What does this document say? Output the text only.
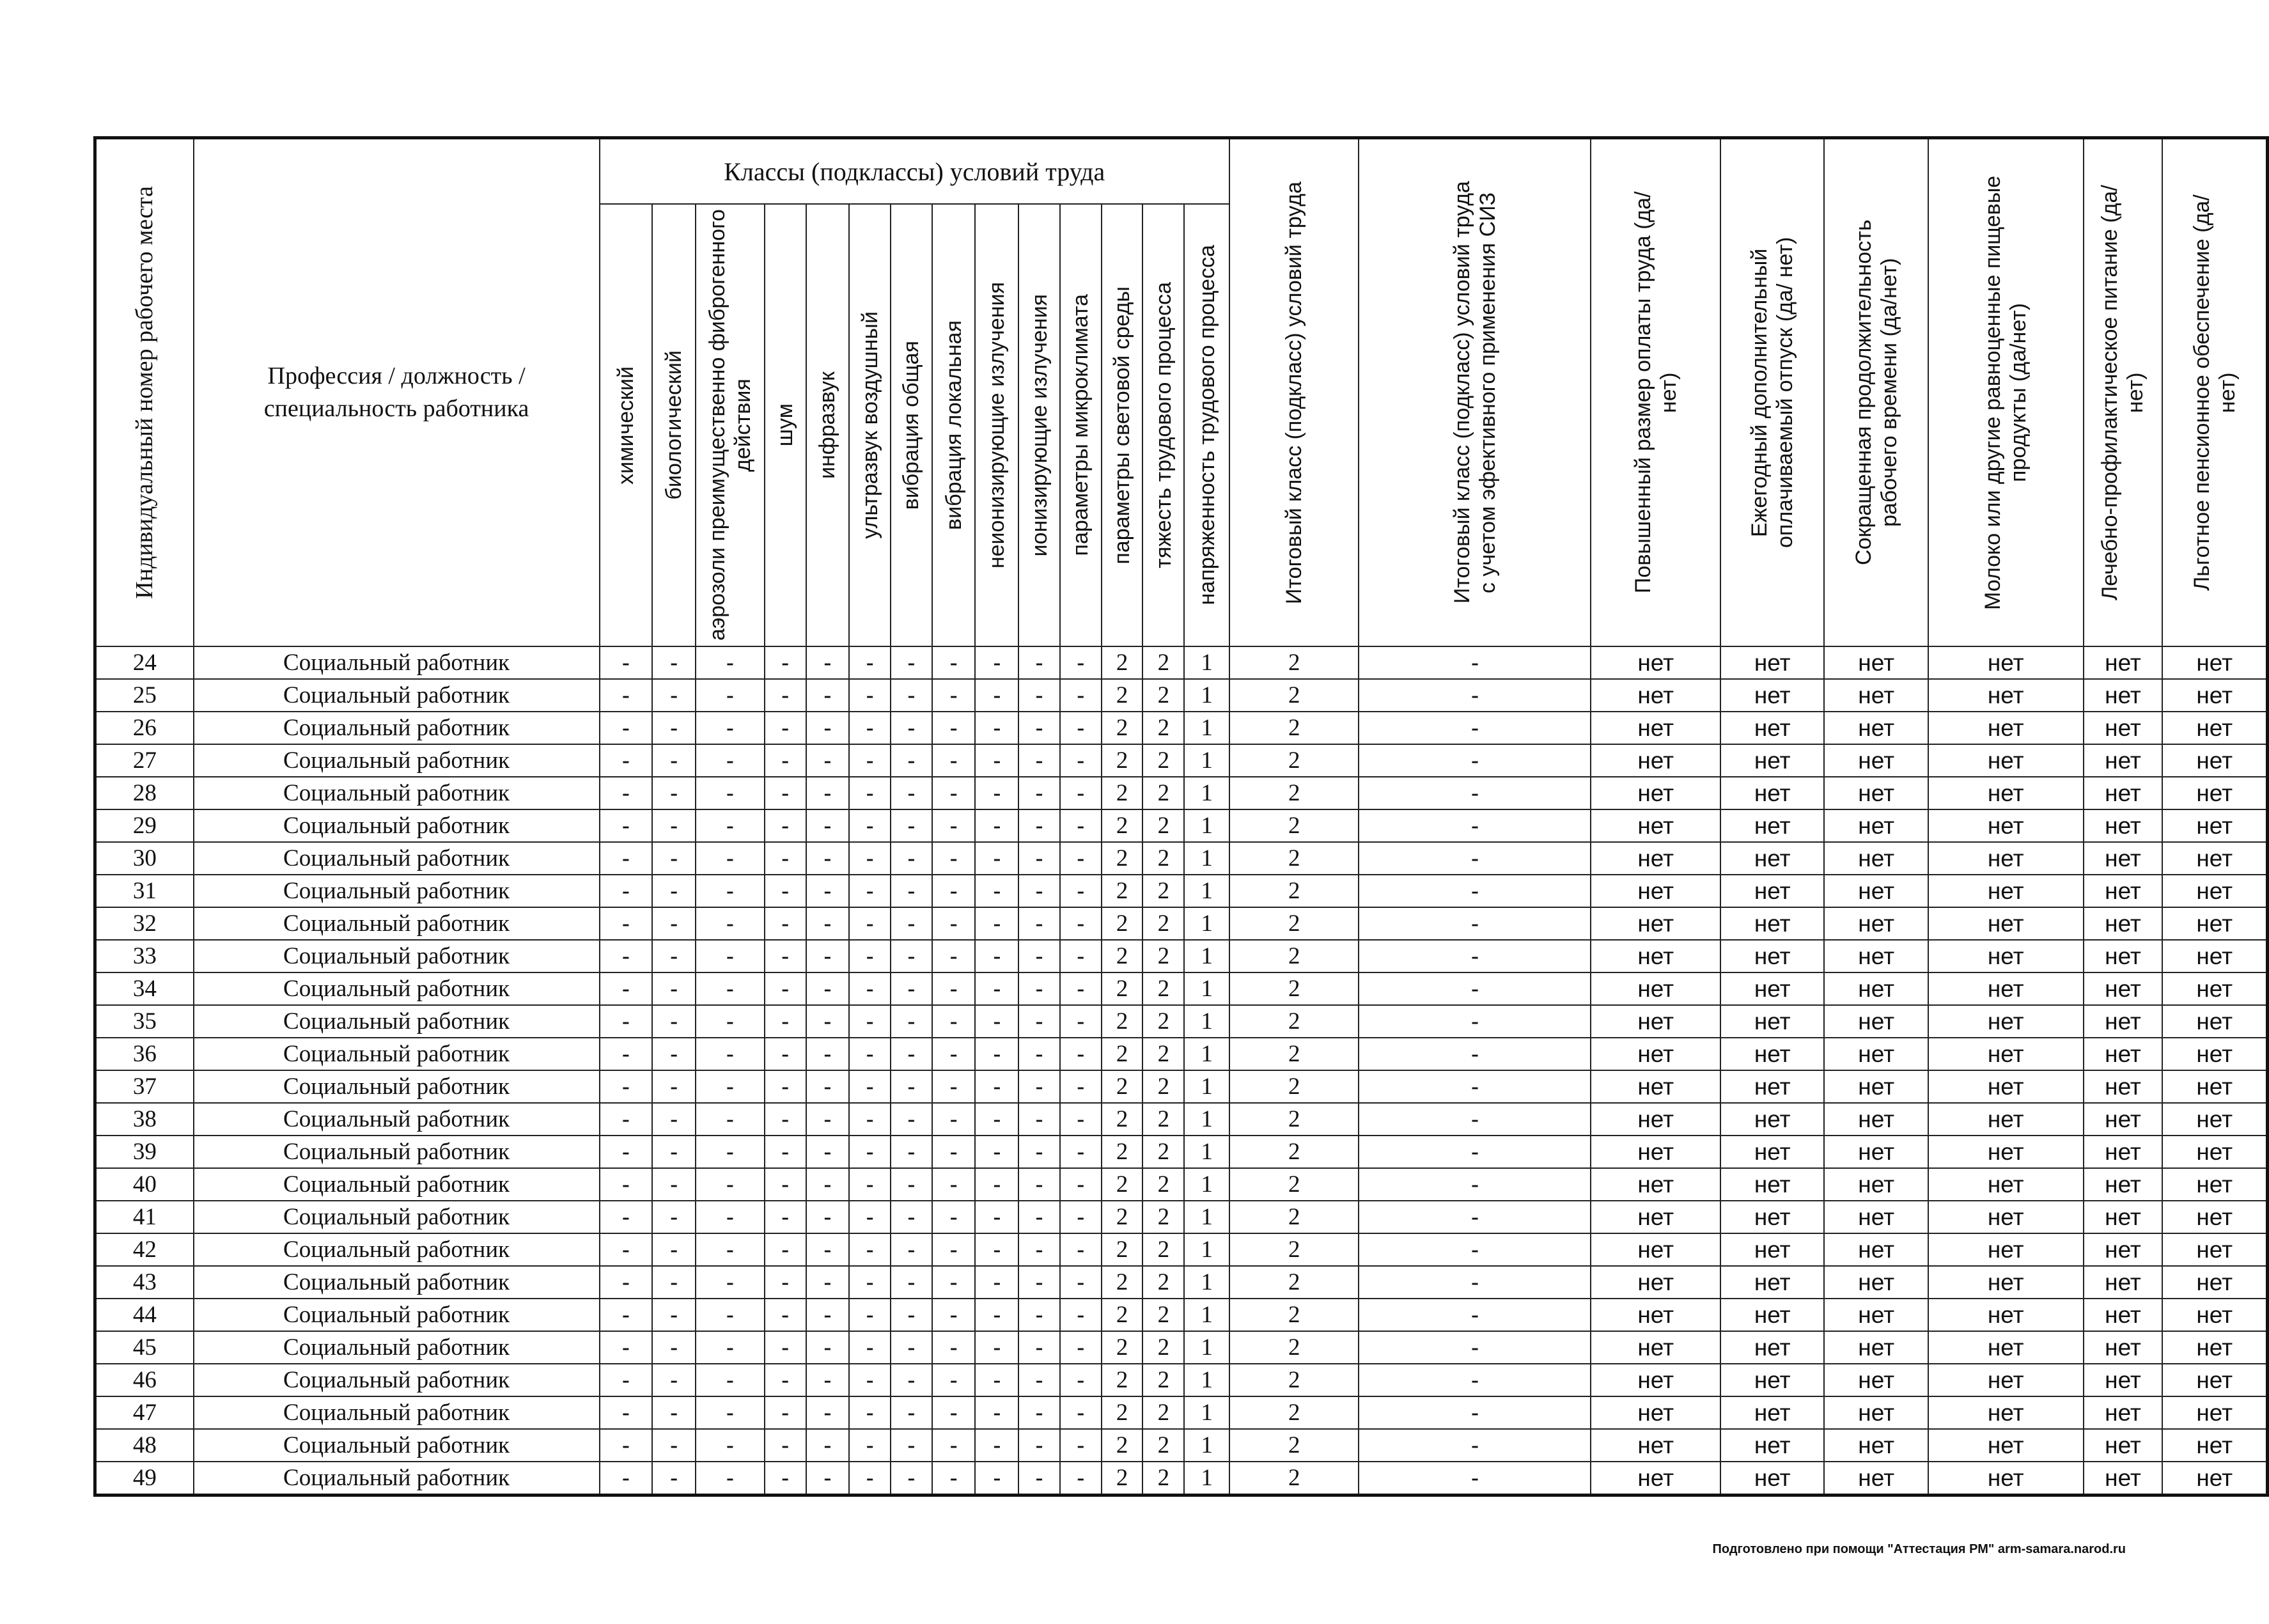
Индивидуальный номер рабочего места	Профессия / должность / специальность работника	Классы (подклассы) условий труда														Итоговый класс (подкласс) условий труда	Итоговый класс (подкласс) условий труда с учетом эфективного применения СИЗ	Повышенный размер оплаты труда (да/нет)	Ежегодный дополнительный оплачиваемый отпуск (да/ нет)	Сокращенная продолжительность рабочего времени (да/нет)	Молоко или другие равноценные пищевые продукты (да/нет)	Лечебно-профилактическое питание (да/нет)	Льготное пенсионное обеспечение (да/нет)

		химический	биологический	аэрозоли преимущественно фиброгенного действия	шум	инфразвук	ультразвук воздушный	вибрация общая	вибрация локальная	неионизирующие излучения	ионизирующие излучения	параметры микроклимата	параметры световой среды	тяжесть трудового процесса	напряженность трудового процесса								

24	Социальный работник	-	-	-	-	-	-	-	-	-	-	-	2	2	1	2	-	нет	нет	нет	нет	нет	нет
25	Социальный работник	-	-	-	-	-	-	-	-	-	-	-	2	2	1	2	-	нет	нет	нет	нет	нет	нет
26	Социальный работник	-	-	-	-	-	-	-	-	-	-	-	2	2	1	2	-	нет	нет	нет	нет	нет	нет
27	Социальный работник	-	-	-	-	-	-	-	-	-	-	-	2	2	1	2	-	нет	нет	нет	нет	нет	нет
28	Социальный работник	-	-	-	-	-	-	-	-	-	-	-	2	2	1	2	-	нет	нет	нет	нет	нет	нет
29	Социальный работник	-	-	-	-	-	-	-	-	-	-	-	2	2	1	2	-	нет	нет	нет	нет	нет	нет
30	Социальный работник	-	-	-	-	-	-	-	-	-	-	-	2	2	1	2	-	нет	нет	нет	нет	нет	нет
31	Социальный работник	-	-	-	-	-	-	-	-	-	-	-	2	2	1	2	-	нет	нет	нет	нет	нет	нет
32	Социальный работник	-	-	-	-	-	-	-	-	-	-	-	2	2	1	2	-	нет	нет	нет	нет	нет	нет
33	Социальный работник	-	-	-	-	-	-	-	-	-	-	-	2	2	1	2	-	нет	нет	нет	нет	нет	нет
34	Социальный работник	-	-	-	-	-	-	-	-	-	-	-	2	2	1	2	-	нет	нет	нет	нет	нет	нет
35	Социальный работник	-	-	-	-	-	-	-	-	-	-	-	2	2	1	2	-	нет	нет	нет	нет	нет	нет
36	Социальный работник	-	-	-	-	-	-	-	-	-	-	-	2	2	1	2	-	нет	нет	нет	нет	нет	нет
37	Социальный работник	-	-	-	-	-	-	-	-	-	-	-	2	2	1	2	-	нет	нет	нет	нет	нет	нет
38	Социальный работник	-	-	-	-	-	-	-	-	-	-	-	2	2	1	2	-	нет	нет	нет	нет	нет	нет
39	Социальный работник	-	-	-	-	-	-	-	-	-	-	-	2	2	1	2	-	нет	нет	нет	нет	нет	нет
40	Социальный работник	-	-	-	-	-	-	-	-	-	-	-	2	2	1	2	-	нет	нет	нет	нет	нет	нет
41	Социальный работник	-	-	-	-	-	-	-	-	-	-	-	2	2	1	2	-	нет	нет	нет	нет	нет	нет
42	Социальный работник	-	-	-	-	-	-	-	-	-	-	-	2	2	1	2	-	нет	нет	нет	нет	нет	нет
43	Социальный работник	-	-	-	-	-	-	-	-	-	-	-	2	2	1	2	-	нет	нет	нет	нет	нет	нет
44	Социальный работник	-	-	-	-	-	-	-	-	-	-	-	2	2	1	2	-	нет	нет	нет	нет	нет	нет
45	Социальный работник	-	-	-	-	-	-	-	-	-	-	-	2	2	1	2	-	нет	нет	нет	нет	нет	нет
46	Социальный работник	-	-	-	-	-	-	-	-	-	-	-	2	2	1	2	-	нет	нет	нет	нет	нет	нет
47	Социальный работник	-	-	-	-	-	-	-	-	-	-	-	2	2	1	2	-	нет	нет	нет	нет	нет	нет
48	Социальный работник	-	-	-	-	-	-	-	-	-	-	-	2	2	1	2	-	нет	нет	нет	нет	нет	нет
49	Социальный работник	-	-	-	-	-	-	-	-	-	-	-	2	2	1	2	-	нет	нет	нет	нет	нет	нет
Подготовлено при помощи "Аттестация РМ" arm-samara.narod.ru
